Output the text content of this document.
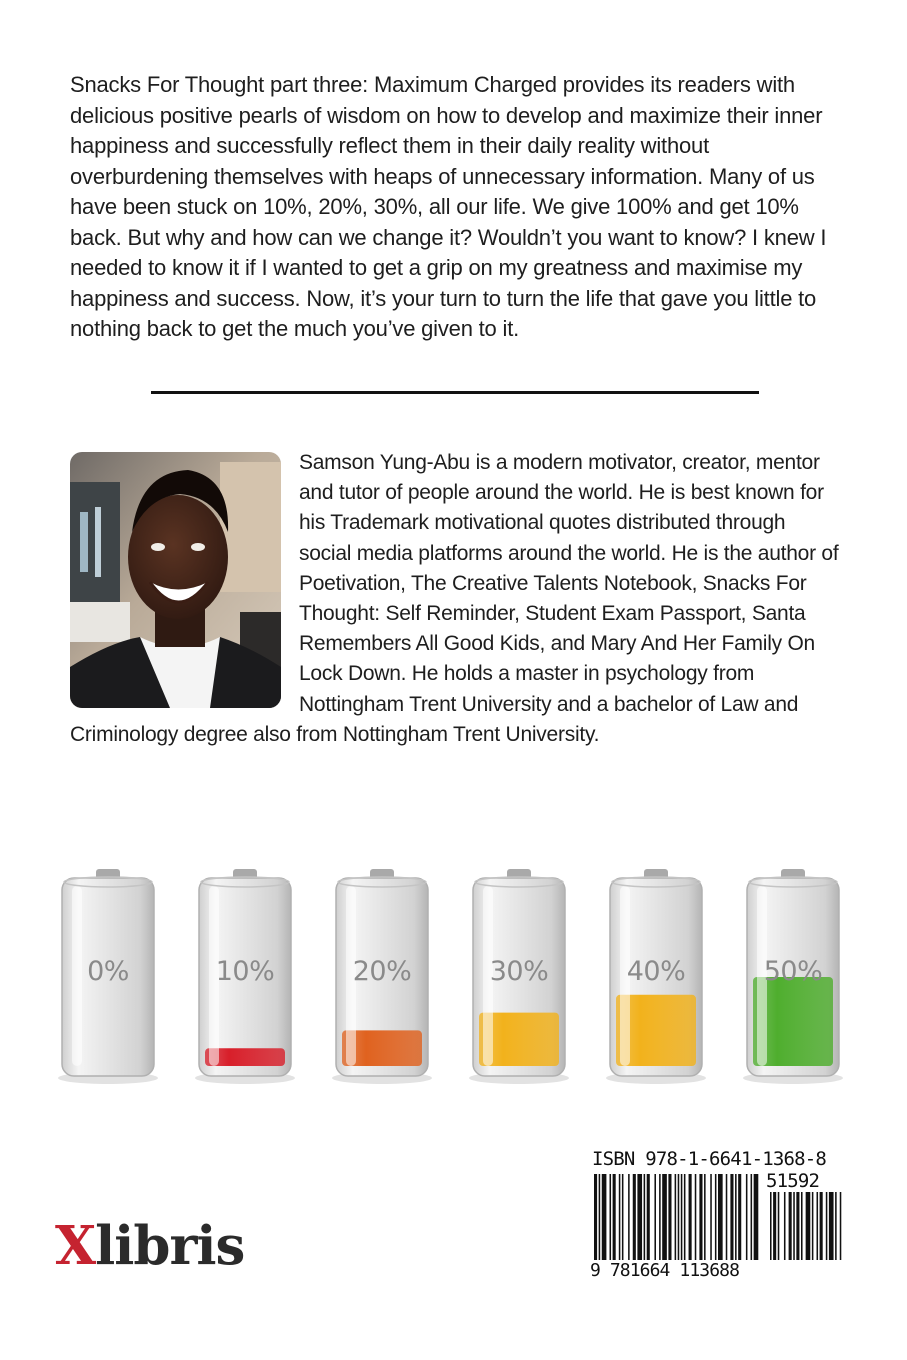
Snacks For Thought part three: Maximum Charged provides its readers with delicious positive pearls of wisdom on how to develop and maximize their inner happiness and successfully reflect them in their daily reality without overburdening themselves with heaps of unnecessary information. Many of us have been stuck on 10%, 20%, 30%, all our life. We give 100% and get 10% back. But why and how can we change it? Wouldn’t you want to know? I knew I needed to know it if I wanted to get a grip on my greatness and maximise my happiness and success. Now, it’s your turn to turn the life that gave you little to nothing back to get the much you’ve given to it.

Samson Yung-Abu is a modern motivator, creator, mentor and tutor of people around the world. He is best known for his Trademark motivational quotes distributed through social media platforms around the world. He is the author of Poetivation, The Creative Talents Notebook, Snacks For Thought: Self Reminder, Student Exam Passport, Santa Remembers All Good Kids, and Mary And Her Family On Lock Down. He holds a master in psychology from Nottingham Trent University and a bachelor of Law and Criminology degree also from Nottingham Trent University.

0%	10%	20%	30%	40%	50%
Xlibris
ISBN 978-1-6641-1368-8
51592
9 781664 113688
